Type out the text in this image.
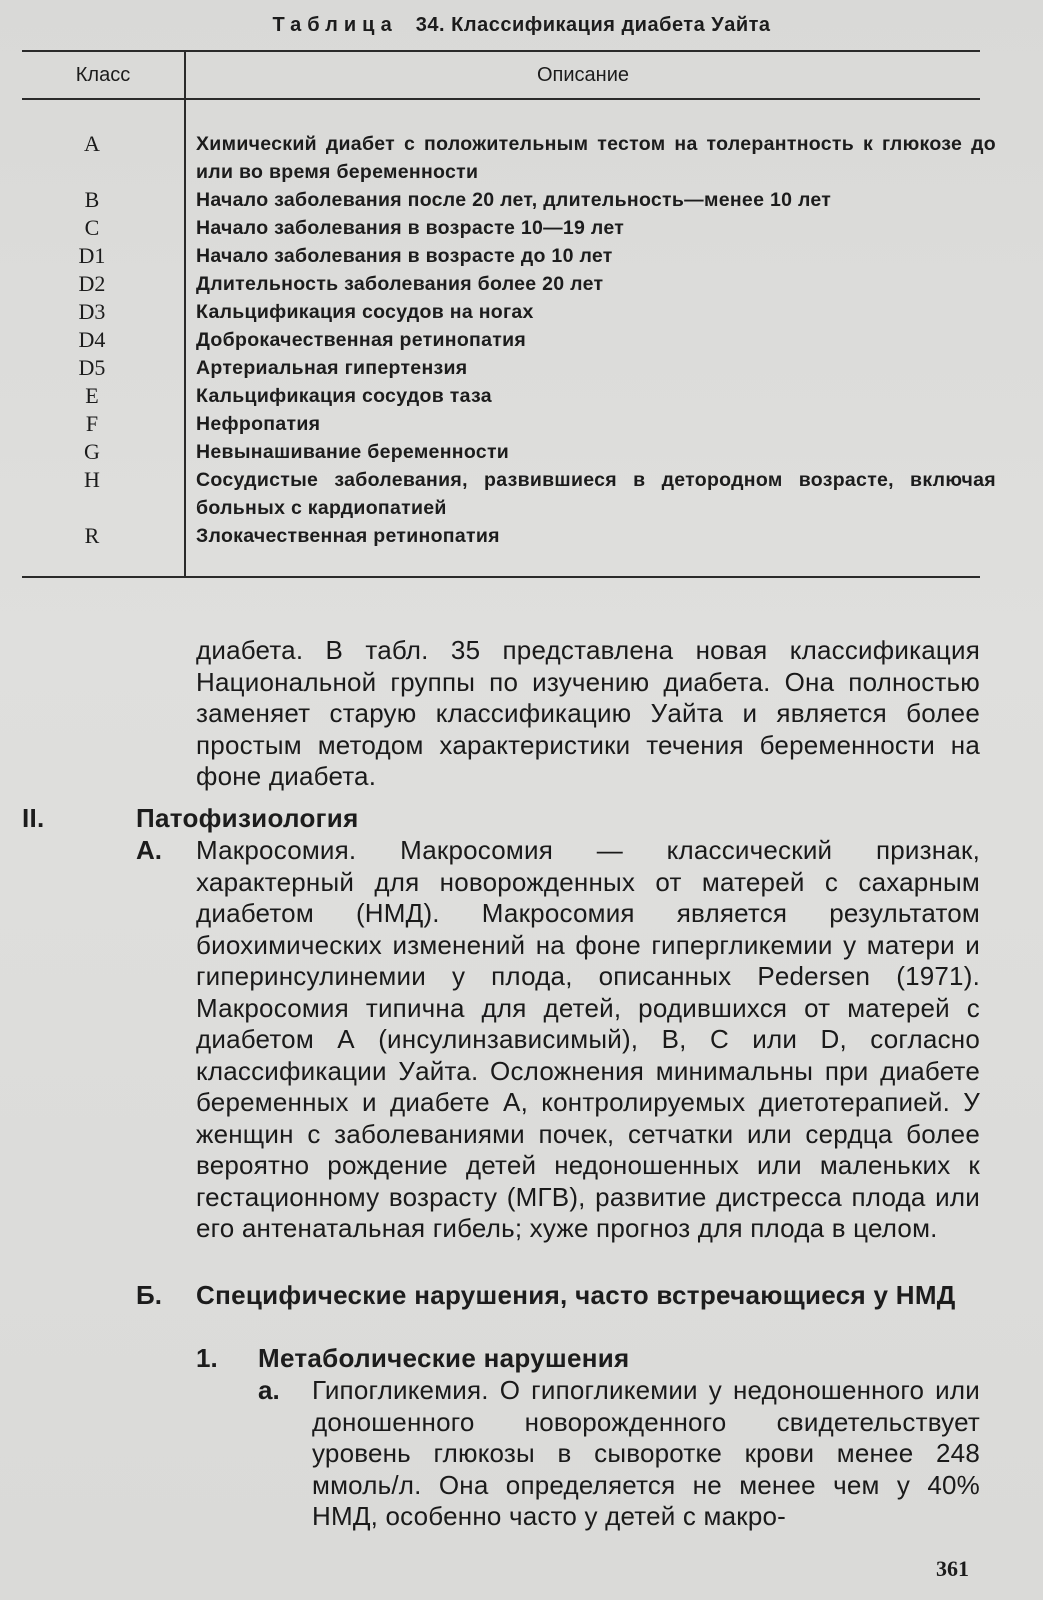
Таблица 34. Классификация диабета Уайта
Класс	Описание
A	Химический диабет с положительным тестом на толерантность к глюкозе до или во время беременности
B	Начало заболевания после 20 лет, длительность—менее 10 лет
C	Начало заболевания в возрасте 10—19 лет
D1	Начало заболевания в возрасте до 10 лет
D2	Длительность заболевания более 20 лет
D3	Кальцификация сосудов на ногах
D4	Доброкачественная ретинопатия
D5	Артериальная гипертензия
E	Кальцификация сосудов таза
F	Нефропатия
G	Невынашивание беременности
H	Сосудистые заболевания, развившиеся в детородном возрасте, включая больных с кардиопатией
R	Злокачественная ретинопатия
диабета. В табл. 35 представлена новая классификация Национальной группы по изучению диабета. Она полностью заменяет старую классификацию Уайта и является более простым методом характеристики течения беременности на фоне диабета.
II.	Патофизиология
А. Макросомия. Макросомия — классический признак, характерный для новорожденных от матерей с сахарным диабетом (НМД). Макросомия является результатом биохимических изменений на фоне гипергликемии у матери и гиперинсулинемии у плода, описанных Pedersen (1971). Макросомия типична для детей, родившихся от матерей с диабетом А (инсулинзависимый), В, С или D, согласно классификации Уайта. Осложнения минимальны при диабете беременных и диабете А, контролируемых диетотерапией. У женщин с заболеваниями почек, сетчатки или сердца более вероятно рождение детей недоношенных или маленьких к гестационному возрасту (МГВ), развитие дистресса плода или его антенатальная гибель; хуже прогноз для плода в целом.
Б. Специфические нарушения, часто встречающиеся у НМД
1. Метаболические нарушения
а. Гипогликемия. О гипогликемии у недоношенного или доношенного новорожденного свидетельствует уровень глюкозы в сыворотке крови менее 248 ммоль/л. Она определяется не менее чем у 40% НМД, особенно часто у детей с макро-
361
